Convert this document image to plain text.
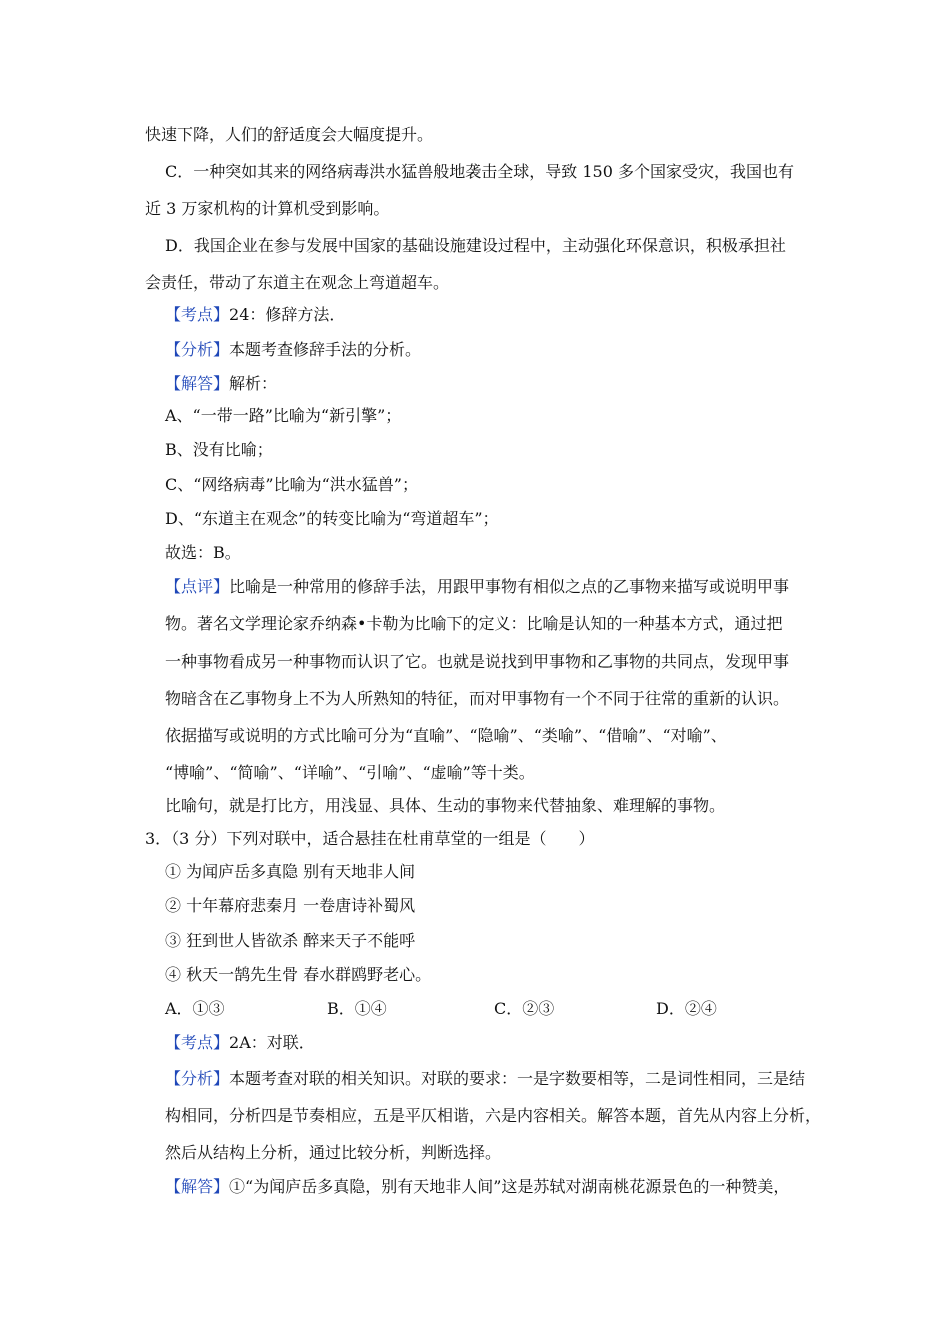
快速下降，人们的舒适度会大幅度提升。
C．一种突如其来的网络病毒洪水猛兽般地袭击全球，导致 150 多个国家受灾，我国也有
近 3 万家机构的计算机受到影响。
D．我国企业在参与发展中国家的基础设施建设过程中，主动强化环保意识，积极承担社
会责任，带动了东道主在观念上弯道超车。
【考点】24：修辞方法．
【分析】本题考查修辞手法的分析。
【解答】解析：
A、“一带一路”比喻为“新引擎”；
B、没有比喻；
C、“网络病毒”比喻为“洪水猛兽”；
D、“东道主在观念”的转变比喻为“弯道超车”；
故选：B。
【点评】比喻是一种常用的修辞手法，用跟甲事物有相似之点的乙事物来描写或说明甲事
物。著名文学理论家乔纳森•卡勒为比喻下的定义：比喻是认知的一种基本方式，通过把
一种事物看成另一种事物而认识了它。也就是说找到甲事物和乙事物的共同点，发现甲事
物暗含在乙事物身上不为人所熟知的特征，而对甲事物有一个不同于往常的重新的认识。
依据描写或说明的方式比喻可分为“直喻”、“隐喻”、“类喻”、“借喻”、“对喻”、
“博喻”、“简喻”、“详喻”、“引喻”、“虚喻”等十类。
比喻句，就是打比方，用浅显、具体、生动的事物来代替抽象、难理解的事物。
3．（3 分）下列对联中，适合悬挂在杜甫草堂的一组是（　　）
① 为闻庐岳多真隐 别有天地非人间
② 十年幕府悲秦月 一卷唐诗补蜀风
③ 狂到世人皆欲杀 醉来天子不能呼
④ 秋天一鹄先生骨 春水群鸥野老心。
A．①③	B．①④	C．②③	D．②④
【考点】2A：对联．
【分析】本题考查对联的相关知识。对联的要求：一是字数要相等，二是词性相同，三是结
构相同，分析四是节奏相应，五是平仄相谐，六是内容相关。解答本题，首先从内容上分析，
然后从结构上分析，通过比较分析，判断选择。
【解答】①“为闻庐岳多真隐，别有天地非人间”这是苏轼对湖南桃花源景色的一种赞美，
